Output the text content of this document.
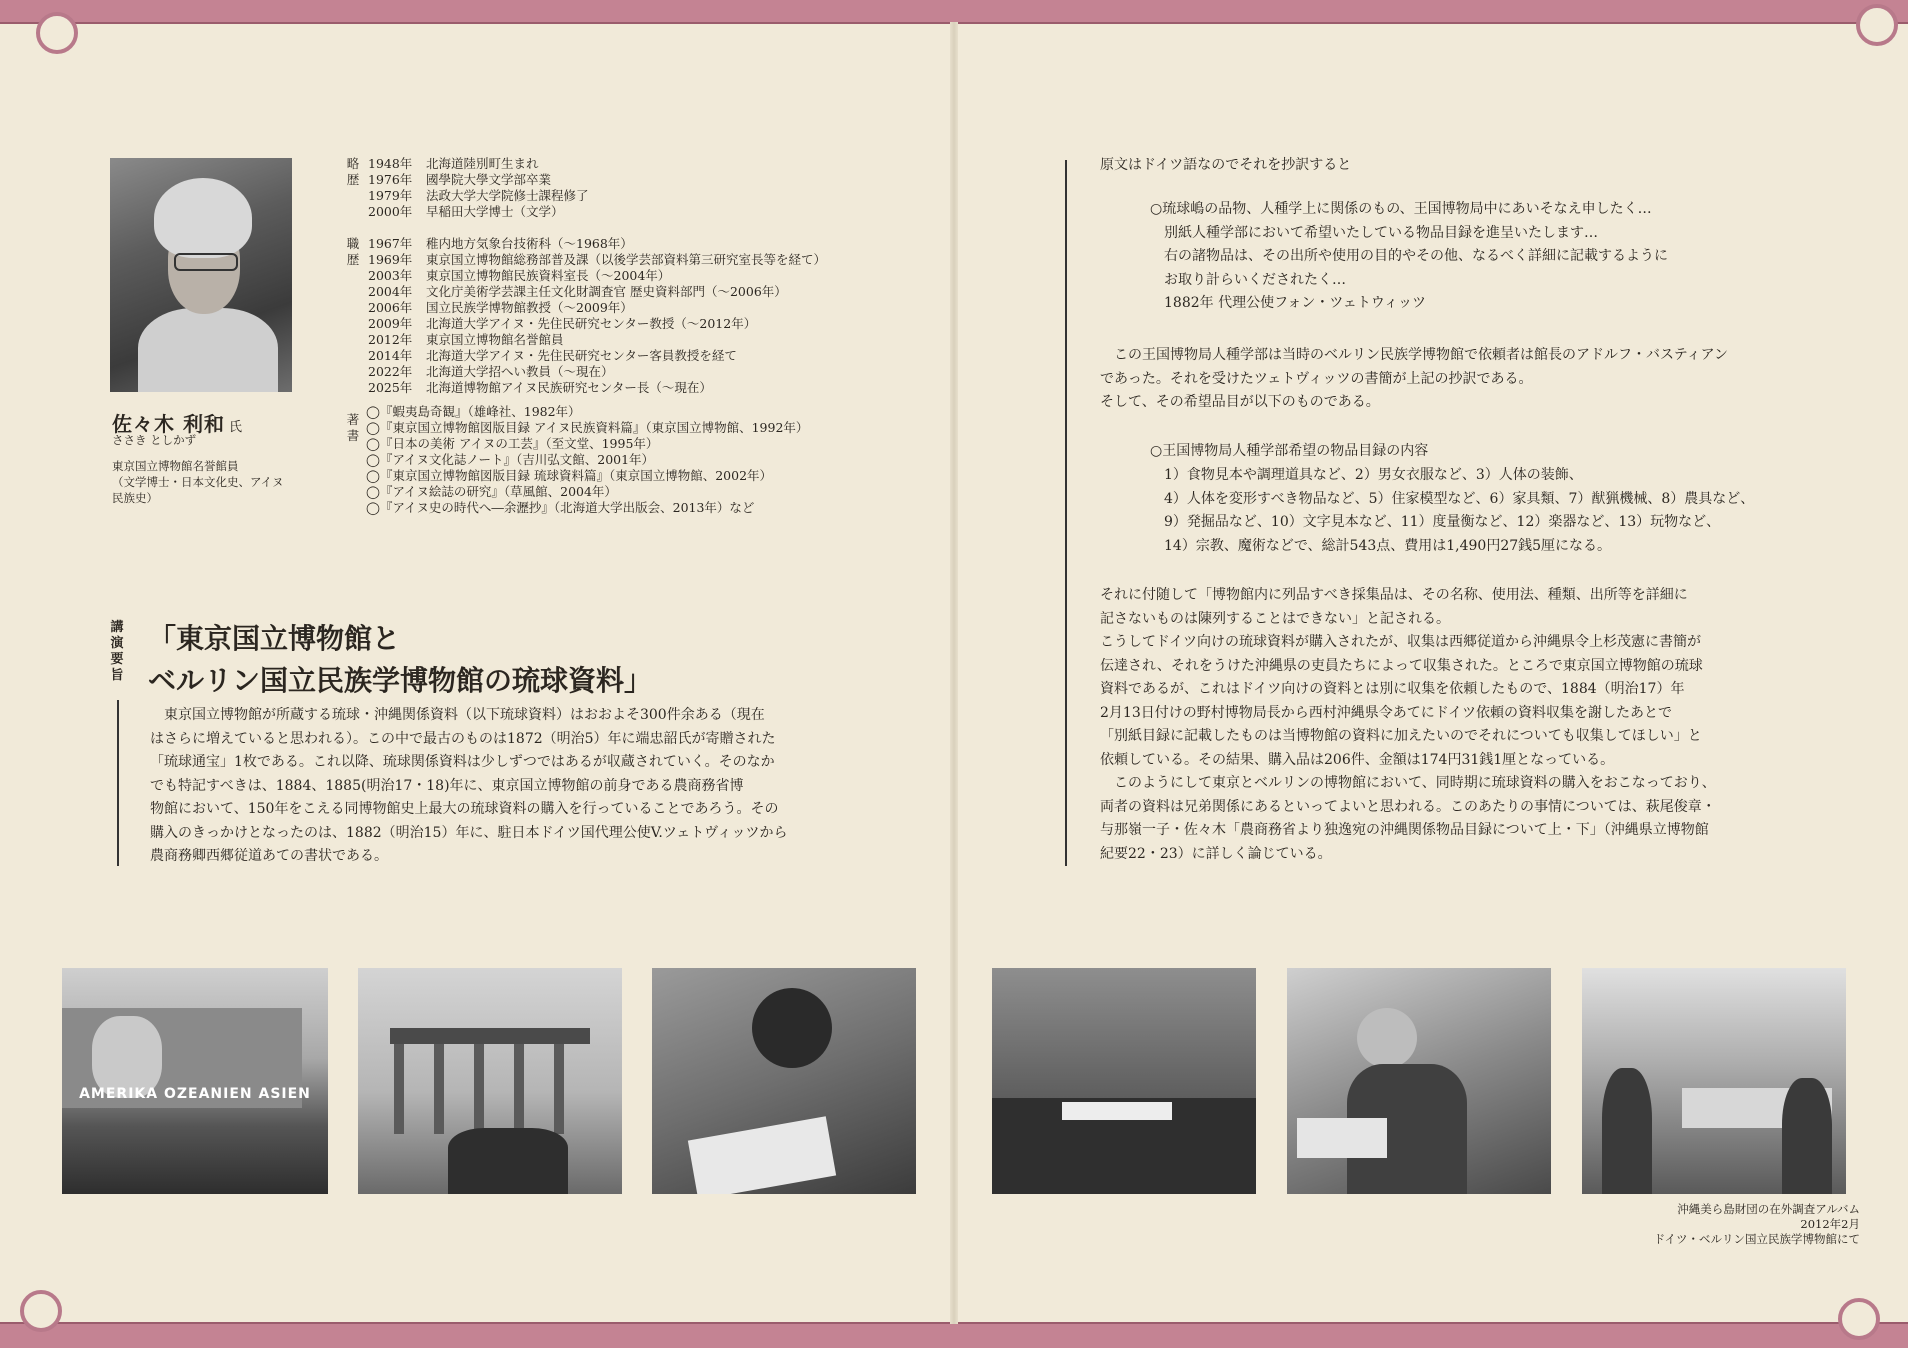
佐々木 利和 氏
ささき としかず
東京国立博物館名誉館員
（文学博士・日本文化史、アイヌ
民族史）
略歴
1948年 北海道陸別町生まれ
1976年 國學院大學文学部卒業
1979年 法政大学大学院修士課程修了
2000年 早稲田大学博士（文学）
職歴
1967年 稚内地方気象台技術科（～1968年）
1969年 東京国立博物館総務部普及課（以後学芸部資料第三研究室長等を経て）
2003年 東京国立博物館民族資料室長（～2004年）
2004年 文化庁美術学芸課主任文化財調査官 歴史資料部門（～2006年）
2006年 国立民族学博物館教授（～2009年）
2009年 北海道大学アイヌ・先住民研究センター教授（～2012年）
2012年 東京国立博物館名誉館員
2014年 北海道大学アイヌ・先住民研究センター客員教授を経て
2022年 北海道大学招へい教員（～現在）
2025年 北海道博物館アイヌ民族研究センター長（～現在）
著書
◯『蝦夷島奇観』（雄峰社、1982年）
◯『東京国立博物館図版目録 アイヌ民族資料篇』（東京国立博物館、1992年）
◯『日本の美術 アイヌの工芸』（至文堂、1995年）
◯『アイヌ文化誌ノート』（吉川弘文館、2001年）
◯『東京国立博物館図版目録 琉球資料篇』（東京国立博物館、2002年）
◯『アイヌ絵誌の研究』（草風館、2004年）
◯『アイヌ史の時代へ―余瀝抄』（北海道大学出版会、2013年）など
講演要旨
「東京国立博物館と
ベルリン国立民族学博物館の琉球資料」
　東京国立博物館が所蔵する琉球・沖縄関係資料（以下琉球資料）はおおよそ300件余ある（現在
はさらに増えていると思われる）。この中で最古のものは1872（明治5）年に端忠韶氏が寄贈された
「琉球通宝」1枚である。これ以降、琉球関係資料は少しずつではあるが収蔵されていく。そのなか
でも特記すべきは、1884、1885(明治17・18)年に、東京国立博物館の前身である農商務省博
物館において、150年をこえる同博物館史上最大の琉球資料の購入を行っていることであろう。その
購入のきっかけとなったのは、1882（明治15）年に、駐日本ドイツ国代理公使V.ツェトヴィッツから
農商務卿西郷従道あての書状である。
原文はドイツ語なのでそれを抄訳すると
○琉球嶋の品物、人種学上に関係のもの、王国博物局中にあいそなえ申したく…
　別紙人種学部において希望いたしている物品目録を進呈いたします…
　右の諸物品は、その出所や使用の目的やその他、なるべく詳細に記載するように
　お取り計らいくだされたく…
　1882年 代理公使フォン・ツェトウィッツ
　この王国博物局人種学部は当時のベルリン民族学博物館で依頼者は館長のアドルフ・バスティアン
であった。それを受けたツェトヴィッツの書簡が上記の抄訳である。
そして、その希望品目が以下のものである。
○王国博物局人種学部希望の物品目録の内容
　1）食物見本や調理道具など、2）男女衣服など、3）人体の装飾、
　4）人体を変形すべき物品など、5）住家模型など、6）家具類、7）猷猟機械、8）農具など、
　9）発掘品など、10）文字見本など、11）度量衡など、12）楽器など、13）玩物など、
　14）宗教、魔術などで、総計543点、費用は1,490円27銭5厘になる。
それに付随して「博物館内に列品すべき採集品は、その名称、使用法、種類、出所等を詳細に
記さないものは陳列することはできない」と記される。
こうしてドイツ向けの琉球資料が購入されたが、収集は西郷従道から沖縄県令上杉茂憲に書簡が
伝達され、それをうけた沖縄県の吏員たちによって収集された。ところで東京国立博物館の琉球
資料であるが、これはドイツ向けの資料とは別に収集を依頼したもので、1884（明治17）年
2月13日付けの野村博物局長から西村沖縄県令あてにドイツ依頼の資料収集を謝したあとで
「別紙目録に記載したものは当博物館の資料に加えたいのでそれについても収集してほしい」と
依頼している。その結果、購入品は206件、金額は174円31銭1厘となっている。
　このようにして東京とベルリンの博物館において、同時期に琉球資料の購入をおこなっており、
両者の資料は兄弟関係にあるといってよいと思われる。このあたりの事情については、萩尾俊章・
与那嶺一子・佐々木「農商務省より独逸宛の沖縄関係物品目録について上・下」（沖縄県立博物館
紀要22・23）に詳しく論じている。
AMERIKA OZEANIEN ASIEN
沖縄美ら島財団の在外調査アルバム
2012年2月
ドイツ・ベルリン国立民族学博物館にて
